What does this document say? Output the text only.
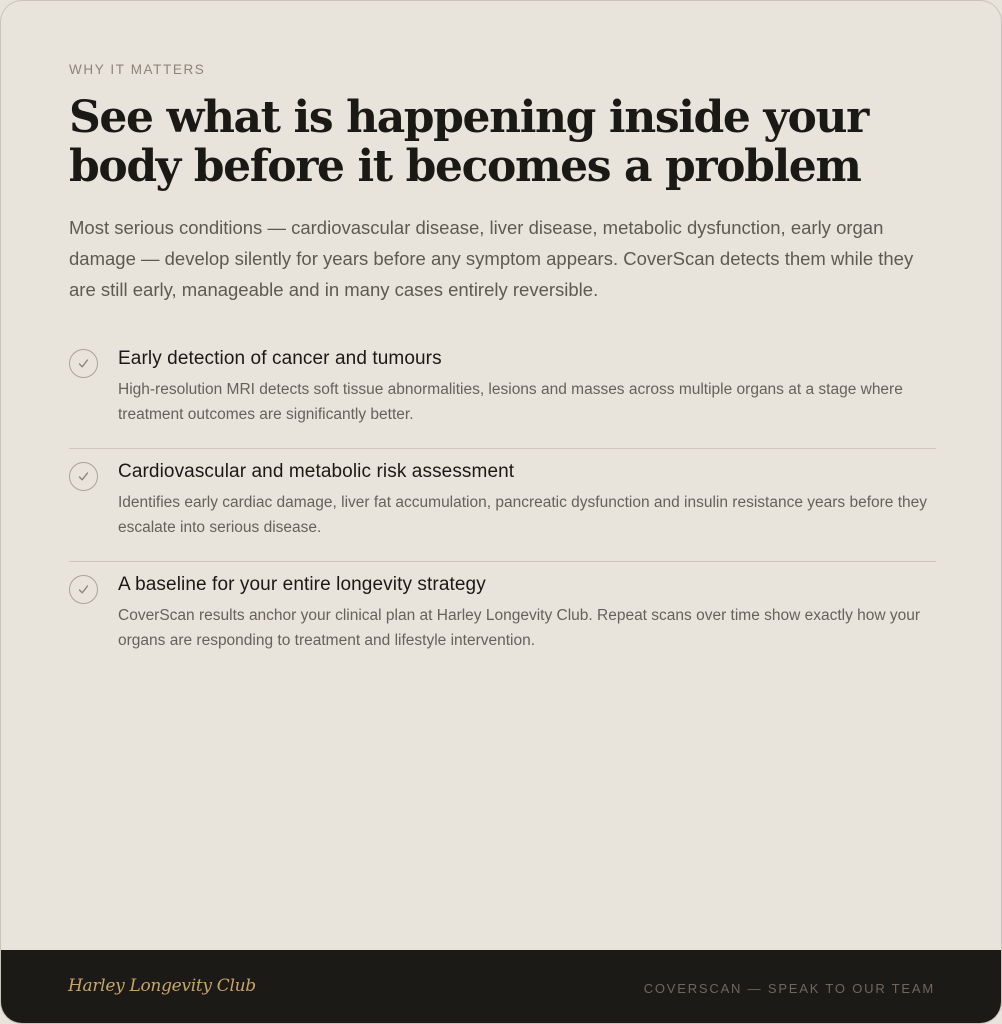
WHY IT MATTERS
See what is happening inside your body before it becomes a problem

Most serious conditions — cardiovascular disease, liver disease, metabolic dysfunction, early organ damage — develop silently for years before any symptom appears. CoverScan detects them while they are still early, manageable and in many cases entirely reversible.

Early detection of cancer and tumours
High-resolution MRI detects soft tissue abnormalities, lesions and masses across multiple organs at a stage where treatment outcomes are significantly better.
Cardiovascular and metabolic risk assessment
Identifies early cardiac damage, liver fat accumulation, pancreatic dysfunction and insulin resistance years before they escalate into serious disease.
A baseline for your entire longevity strategy
CoverScan results anchor your clinical plan at Harley Longevity Club. Repeat scans over time show exactly how your organs are responding to treatment and lifestyle intervention.
Harley Longevity Club	COVERSCAN — SPEAK TO OUR TEAM
